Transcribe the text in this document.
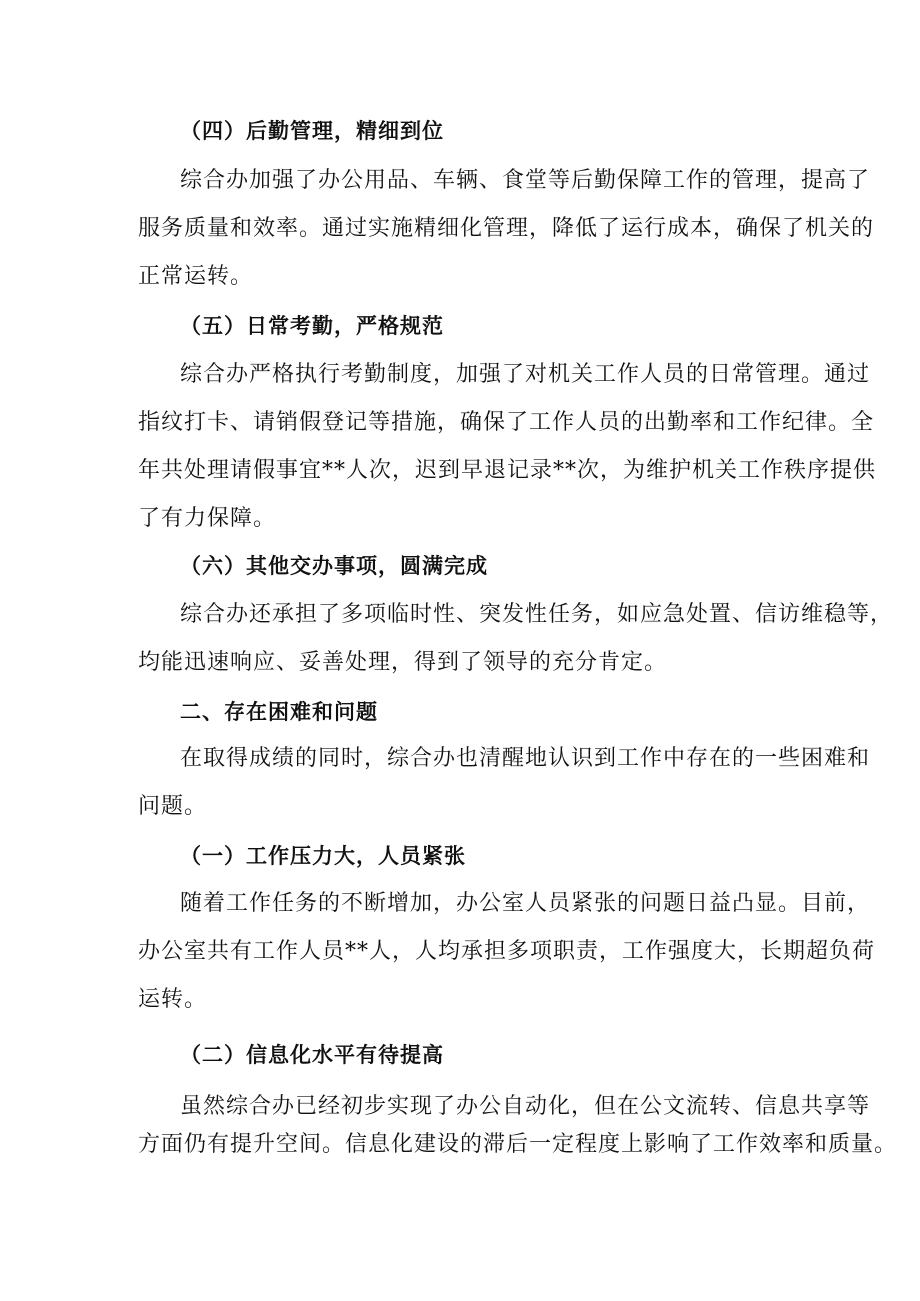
（四）后勤管理，精细到位
综合办加强了办公用品、车辆、食堂等后勤保障工作的管理，提高了
服务质量和效率。通过实施精细化管理，降低了运行成本，确保了机关的
正常运转。
（五）日常考勤，严格规范
综合办严格执行考勤制度，加强了对机关工作人员的日常管理。通过
指纹打卡、请销假登记等措施，确保了工作人员的出勤率和工作纪律。全
年共处理请假事宜**人次，迟到早退记录**次，为维护机关工作秩序提供
了有力保障。
（六）其他交办事项，圆满完成
综合办还承担了多项临时性、突发性任务，如应急处置、信访维稳等，
均能迅速响应、妥善处理，得到了领导的充分肯定。
二、存在困难和问题
在取得成绩的同时，综合办也清醒地认识到工作中存在的一些困难和
问题。
（一）工作压力大，人员紧张
随着工作任务的不断增加，办公室人员紧张的问题日益凸显。目前，
办公室共有工作人员**人，人均承担多项职责，工作强度大，长期超负荷
运转。
（二）信息化水平有待提高
虽然综合办已经初步实现了办公自动化，但在公文流转、信息共享等
方面仍有提升空间。信息化建设的滞后一定程度上影响了工作效率和质量。
